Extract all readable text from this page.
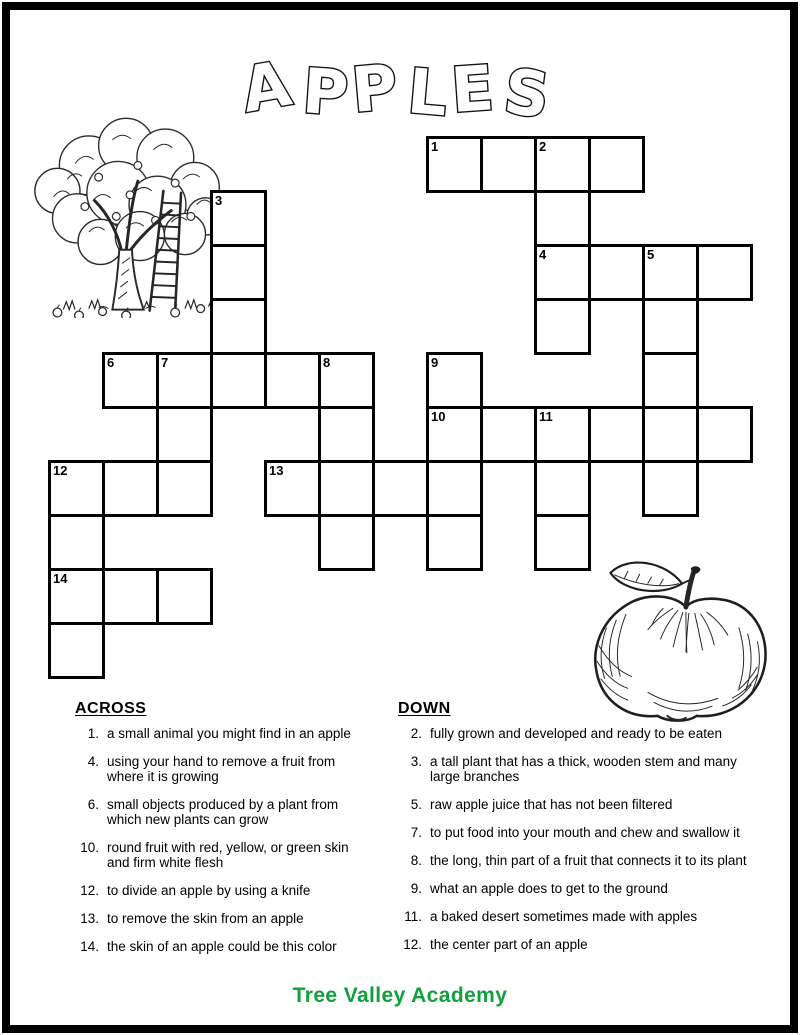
APPLES
1	2
3
4	5
6	7	8	9
10	11
12	13
14
ACROSS
1. a small animal you might find in an apple
4. using your hand to remove a fruit from where it is growing
6. small objects produced by a plant from which new plants can grow
10. round fruit with red, yellow, or green skin and firm white flesh
12. to divide an apple by using a knife
13. to remove the skin from an apple
14. the skin of an apple could be this color
DOWN
2. fully grown and developed and ready to be eaten
3. a tall plant that has a thick, wooden stem and many large branches
5. raw apple juice that has not been filtered
7. to put food into your mouth and chew and swallow it
8. the long, thin part of a fruit that connects it to its plant
9. what an apple does to get to the ground
11. a baked desert sometimes made with apples
12. the center part of an apple
Tree Valley Academy
